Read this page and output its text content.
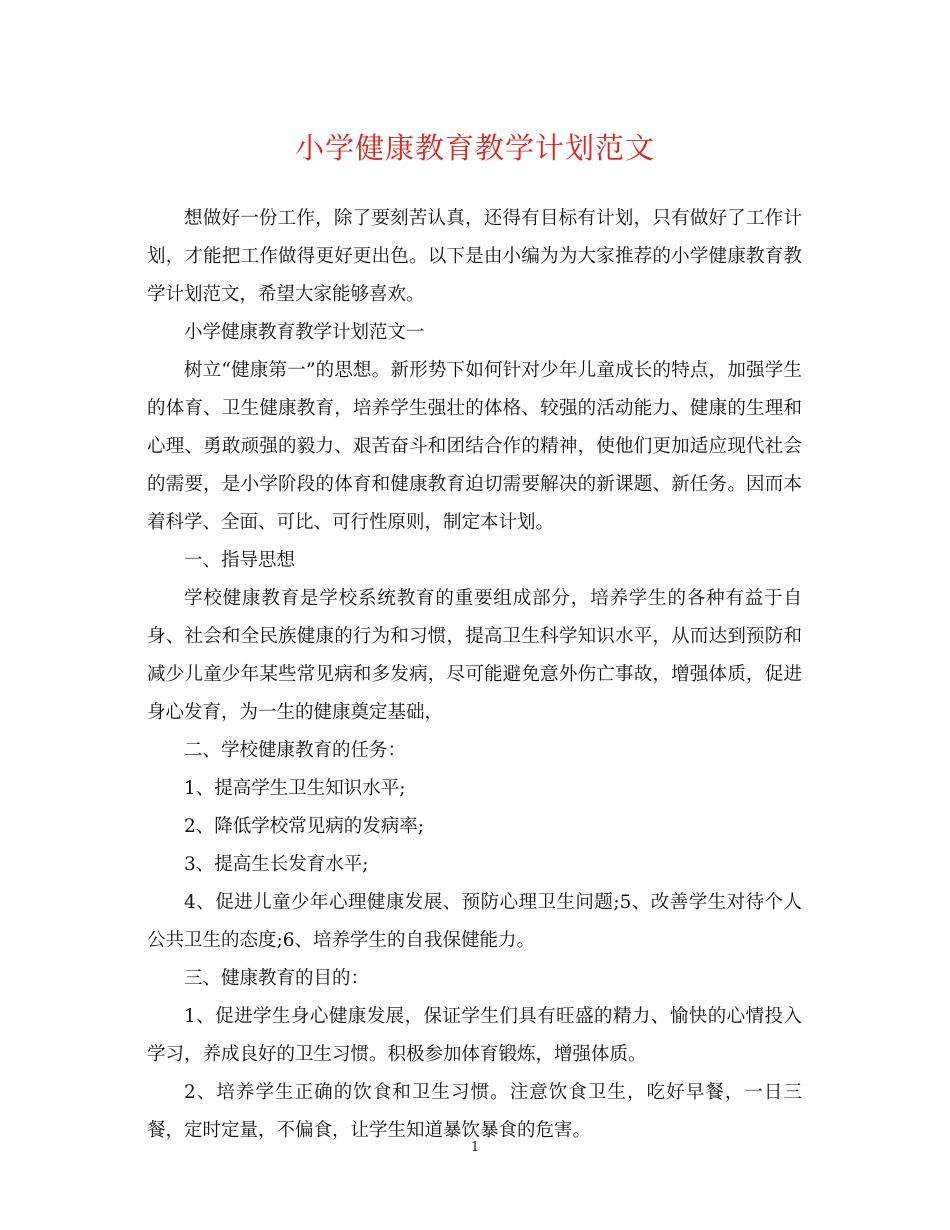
小学健康教育教学计划范文

想做好一份工作，除了要刻苦认真，还得有目标有计划，只有做好了工作计划，才能把工作做得更好更出色。以下是由小编为为大家推荐的小学健康教育教学计划范文，希望大家能够喜欢。

小学健康教育教学计划范文一

树立“健康第一”的思想。新形势下如何针对少年儿童成长的特点，加强学生的体育、卫生健康教育，培养学生强壮的体格、较强的活动能力、健康的生理和心理、勇敢顽强的毅力、艰苦奋斗和团结合作的精神，使他们更加适应现代社会的需要，是小学阶段的体育和健康教育迫切需要解决的新课题、新任务。因而本着科学、全面、可比、可行性原则，制定本计划。

一、指导思想

学校健康教育是学校系统教育的重要组成部分，培养学生的各种有益于自身、社会和全民族健康的行为和习惯，提高卫生科学知识水平，从而达到预防和减少儿童少年某些常见病和多发病，尽可能避免意外伤亡事故，增强体质，促进身心发育，为一生的健康奠定基础，

二、学校健康教育的任务：

1、提高学生卫生知识水平;

2、降低学校常见病的发病率;

3、提高生长发育水平;

4、促进儿童少年心理健康发展、预防心理卫生问题;5、改善学生对待个人公共卫生的态度;6、培养学生的自我保健能力。

三、健康教育的目的：

1、促进学生身心健康发展，保证学生们具有旺盛的精力、愉快的心情投入学习，养成良好的卫生习惯。积极参加体育锻炼，增强体质。

2、培养学生正确的饮食和卫生习惯。注意饮食卫生，吃好早餐，一日三餐，定时定量，不偏食，让学生知道暴饮暴食的危害。

1
